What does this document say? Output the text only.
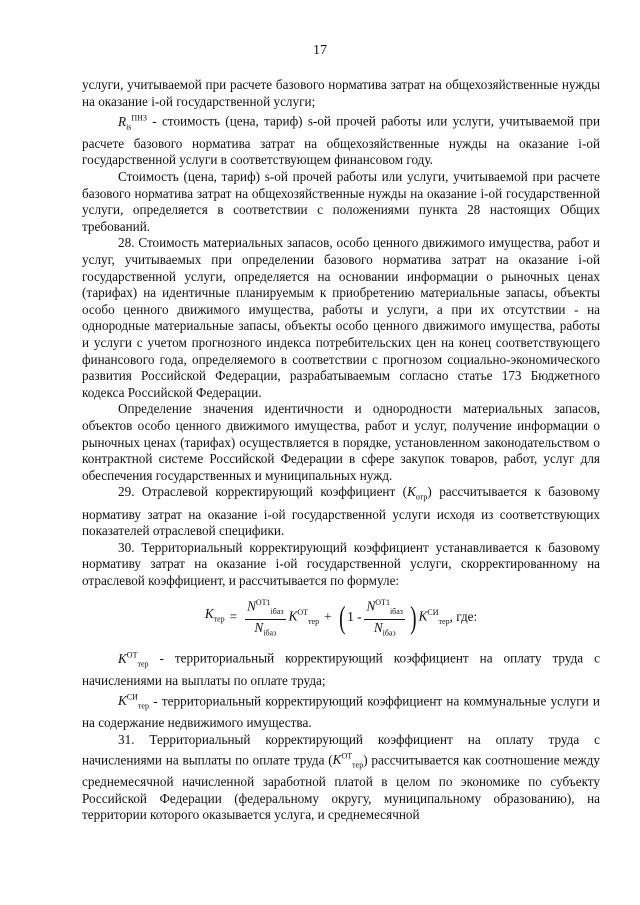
17

услуги, учитываемой при расчете базового норматива затрат на общехозяйственные нужды на оказание i-ой государственной услуги;

$R_{is}^{ПНЗ}$ - стоимость (цена, тариф) s-ой прочей работы или услуги, учитываемой при расчете базового норматива затрат на общехозяйственные нужды на оказание i-ой государственной услуги в соответствующем финансовом году.

Стоимость (цена, тариф) s-ой прочей работы или услуги, учитываемой при расчете базового норматива затрат на общехозяйственные нужды на оказание i-ой государственной услуги, определяется в соответствии с положениями пункта 28 настоящих Общих требований.

28. Стоимость материальных запасов, особо ценного движимого имущества, работ и услуг, учитываемых при определении базового норматива затрат на оказание i-ой государственной услуги, определяется на основании информации о рыночных ценах (тарифах) на идентичные планируемым к приобретению материальные запасы, объекты особо ценного движимого имущества, работы и услуги, а при их отсутствии - на однородные материальные запасы, объекты особо ценного движимого имущества, работы и услуги с учетом прогнозного индекса потребительских цен на конец соответствующего финансового года, определяемого в соответствии с прогнозом социально-экономического развития Российской Федерации, разрабатываемым согласно статье 173 Бюджетного кодекса Российской Федерации.

Определение значения идентичности и однородности материальных запасов, объектов особо ценного движимого имущества, работ и услуг, получение информации о рыночных ценах (тарифах) осуществляется в порядке, установленном законодательством о контрактной системе Российской Федерации в сфере закупок товаров, работ, услуг для обеспечения государственных и муниципальных нужд.

29. Отраслевой корректирующий коэффициент $(K_{отр})$ рассчитывается к базовому нормативу затрат на оказание i-ой государственной услуги исходя из соответствующих показателей отраслевой специфики.

30. Территориальный корректирующий коэффициент устанавливается к базовому нормативу затрат на оказание i-ой государственной услуги, скорректированному на отраслевой коэффициент, и рассчитывается по формуле:

$K_{тер} = \frac{N^{ОТ1}_{iбаз}}{N_{iбаз}} K^{ОТ}_{тер}$ + ( $1 - \frac{N^{ОТ1}_{iбаз}}{N_{iбаз}}$ ) $K^{СИ}_{тер}$ , где:

$K^{ОТ}_{тер}$ - территориальный корректирующий коэффициент на оплату труда с начислениями на выплаты по оплате труда;

$K^{СИ}_{тер}$ - территориальный корректирующий коэффициент на коммунальные услуги и на содержание недвижимого имущества.

31. Территориальный корректирующий коэффициент на оплату труда с начислениями на выплаты по оплате труда $(K^{ОТ}_{тер})$ рассчитывается как соотношение между среднемесячной начисленной заработной платой в целом по экономике по субъекту Российской Федерации (федеральному округу, муниципальному образованию), на территории которого оказывается услуга, и среднемесячной
